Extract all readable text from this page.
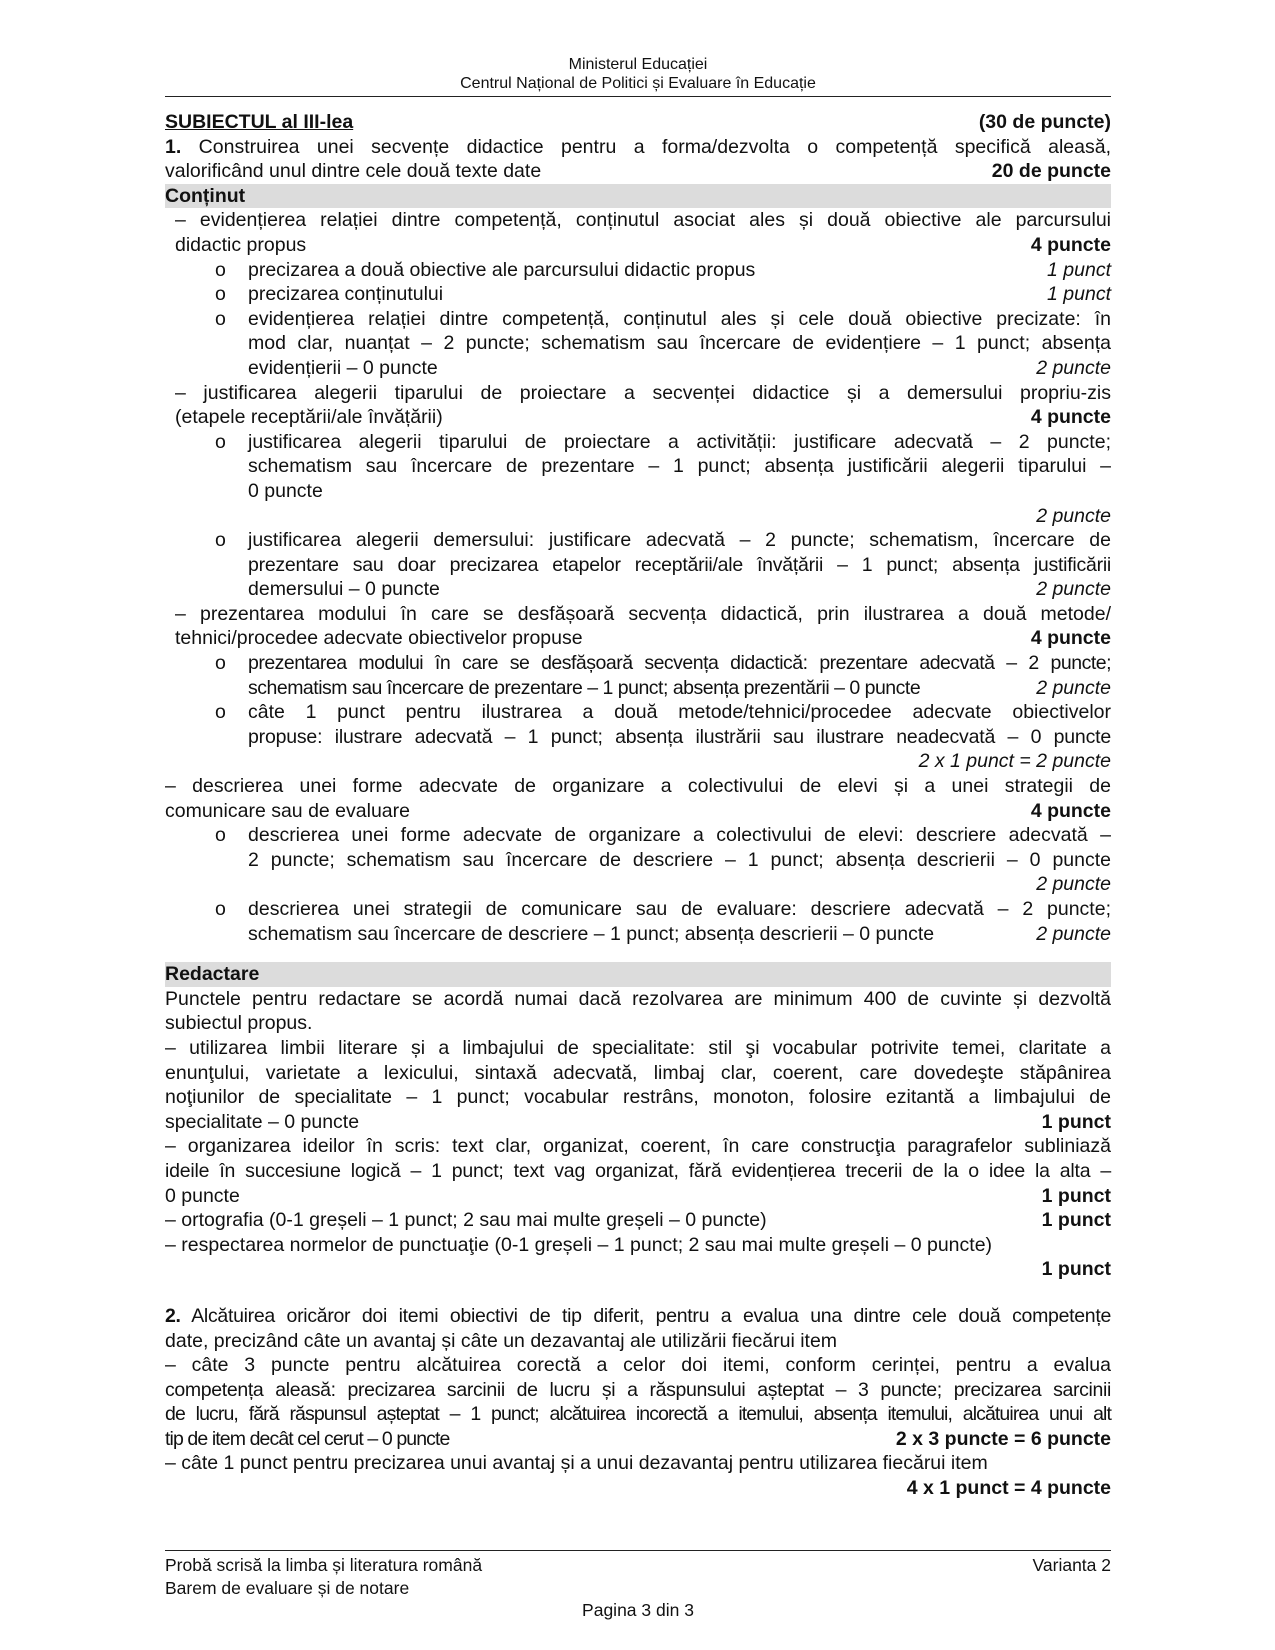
Ministerul Educației
Centrul Național de Politici și Evaluare în Educație
SUBIECTUL al III-lea	(30 de puncte)
1. Construirea unei secvențe didactice pentru a forma/dezvolta o competență specifică aleasă,
valorificând unul dintre cele două texte date	20 de puncte
Conținut
– evidențierea relației dintre competență, conținutul asociat ales și două obiective ale parcursului
didactic propus	4 puncte
o precizarea a două obiective ale parcursului didactic propus	1 punct
o precizarea conținutului	1 punct
o evidențierea relației dintre competență, conținutul ales și cele două obiective precizate: în
mod clar, nuanțat – 2 puncte; schematism sau încercare de evidențiere – 1 punct; absența
evidențierii – 0 puncte	2 puncte
– justificarea alegerii tiparului de proiectare a secvenței didactice și a demersului propriu-zis
(etapele receptării/ale învățării)	4 puncte
o justificarea alegerii tiparului de proiectare a activității: justificare adecvată – 2 puncte;
schematism sau încercare de prezentare – 1 punct; absența justificării alegerii tiparului –
0 puncte
2 puncte
o justificarea alegerii demersului: justificare adecvată – 2 puncte; schematism, încercare de
prezentare sau doar precizarea etapelor receptării/ale învățării – 1 punct; absența justificării
demersului – 0 puncte	2 puncte
– prezentarea modului în care se desfășoară secvența didactică, prin ilustrarea a două metode/
tehnici/procedee adecvate obiectivelor propuse	4 puncte
o prezentarea modului în care se desfășoară secvența didactică: prezentare adecvată – 2 puncte;
schematism sau încercare de prezentare – 1 punct; absența prezentării – 0 puncte	2 puncte
o câte 1 punct pentru ilustrarea a două metode/tehnici/procedee adecvate obiectivelor
propuse: ilustrare adecvată – 1 punct; absența ilustrării sau ilustrare neadecvată – 0 puncte
2 x 1 punct = 2 puncte
– descrierea unei forme adecvate de organizare a colectivului de elevi și a unei strategii de
comunicare sau de evaluare	4 puncte
o descrierea unei forme adecvate de organizare a colectivului de elevi: descriere adecvată –
2 puncte; schematism sau încercare de descriere – 1 punct; absența descrierii – 0 puncte
2 puncte
o descrierea unei strategii de comunicare sau de evaluare: descriere adecvată – 2 puncte;
schematism sau încercare de descriere – 1 punct; absența descrierii – 0 puncte	2 puncte
Redactare
Punctele pentru redactare se acordă numai dacă rezolvarea are minimum 400 de cuvinte și dezvoltă
subiectul propus.
– utilizarea limbii literare și a limbajului de specialitate: stil şi vocabular potrivite temei, claritate a
enunţului, varietate a lexicului, sintaxă adecvată, limbaj clar, coerent, care dovedeşte stăpânirea
noţiunilor de specialitate – 1 punct; vocabular restrâns, monoton, folosire ezitantă a limbajului de
specialitate – 0 puncte	1 punct
– organizarea ideilor în scris: text clar, organizat, coerent, în care construcţia paragrafelor subliniază
ideile în succesiune logică – 1 punct; text vag organizat, fără evidențierea trecerii de la o idee la alta –
0 puncte	1 punct
– ortografia (0-1 greșeli – 1 punct; 2 sau mai multe greșeli – 0 puncte)	1 punct
– respectarea normelor de punctuaţie (0-1 greșeli – 1 punct; 2 sau mai multe greșeli – 0 puncte)
1 punct
2. Alcătuirea oricăror doi itemi obiectivi de tip diferit, pentru a evalua una dintre cele două competențe
date, precizând câte un avantaj și câte un dezavantaj ale utilizării fiecărui item
– câte 3 puncte pentru alcătuirea corectă a celor doi itemi, conform cerinței, pentru a evalua
competența aleasă: precizarea sarcinii de lucru și a răspunsului așteptat – 3 puncte; precizarea sarcinii
de lucru, fără răspunsul așteptat – 1 punct; alcătuirea incorectă a itemului, absența itemului, alcătuirea unui alt
tip de item decât cel cerut – 0 puncte	2 x 3 puncte = 6 puncte
– câte 1 punct pentru precizarea unui avantaj și a unui dezavantaj pentru utilizarea fiecărui item
4 x 1 punct = 4 puncte
Probă scrisă la limba și literatura română	Varianta 2
Barem de evaluare și de notare
Pagina 3 din 3
